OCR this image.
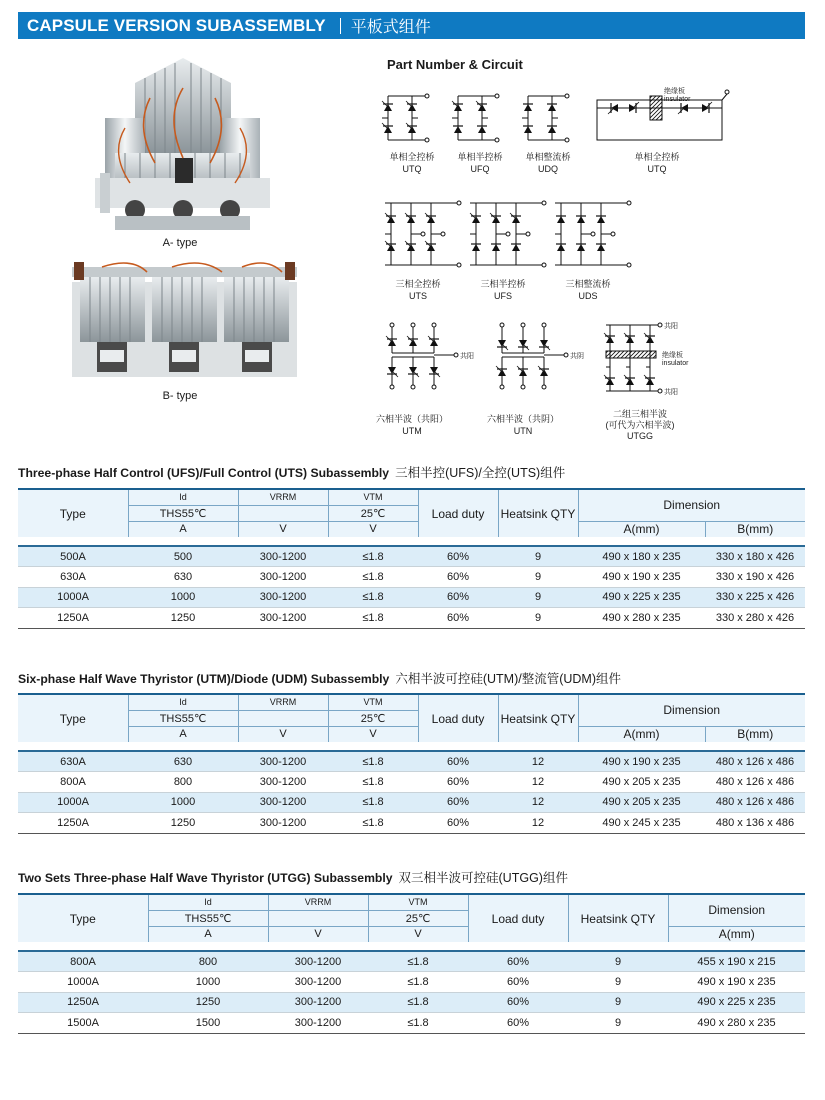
CAPSULE VERSION SUBASSEMBLY 平板式组件
A- type
B- type
Part Number & Circuit
单相全控桥
UTQ
单相半控桥
UFQ
单相整流桥
UDQ
单相全控桥
UTQ
绝缘板
insulator
三相全控桥
UTS
三相半控桥
UFS
三相整流桥
UDS
共阳	共阴
共阳
共阳
绝缘板
insulator
六相半波（共阳）
UTM
六相半波（共阴）
UTN
二组三相半波
(可代为六相半波)
UTGG
Three-phase Half Control (UFS)/Full Control (UTS) Subassembly 三相半控(UFS)/全控(UTS)组件
Type	Id	VRRM	VTM	Load duty	Heatsink QTY	Dimension	
	THS55℃		25℃				
	A	V	V			A(mm)	B(mm)

500A	500	300-1200	≤1.8	60%	9	490 x 180 x 235	330 x 180 x 426
630A	630	300-1200	≤1.8	60%	9	490 x 190 x 235	330 x 190 x 426
1000A	1000	300-1200	≤1.8	60%	9	490 x 225 x 235	330 x 225 x 426
1250A	1250	300-1200	≤1.8	60%	9	490 x 280 x 235	330 x 280 x 426
Six-phase Half Wave Thyristor (UTM)/Diode (UDM) Subassembly 六相半波可控硅(UTM)/整流管(UDM)组件
Type	Id	VRRM	VTM	Load duty	Heatsink QTY	Dimension	
	THS55℃		25℃				
	A	V	V			A(mm)	B(mm)

630A	630	300-1200	≤1.8	60%	12	490 x 190 x 235	480 x 126 x 486
800A	800	300-1200	≤1.8	60%	12	490 x 205 x 235	480 x 126 x 486
1000A	1000	300-1200	≤1.8	60%	12	490 x 205 x 235	480 x 126 x 486
1250A	1250	300-1200	≤1.8	60%	12	490 x 245 x 235	480 x 136 x 486
Two Sets Three-phase Half Wave Thyristor (UTGG) Subassembly 双三相半波可控硅(UTGG)组件
Type	Id	VRRM	VTM	Load duty	Heatsink QTY	Dimension
	THS55℃		25℃			
	A	V	V			A(mm)

800A	800	300-1200	≤1.8	60%	9	455 x 190 x 215
1000A	1000	300-1200	≤1.8	60%	9	490 x 190 x 235
1250A	1250	300-1200	≤1.8	60%	9	490 x 225 x 235
1500A	1500	300-1200	≤1.8	60%	9	490 x 280 x 235
